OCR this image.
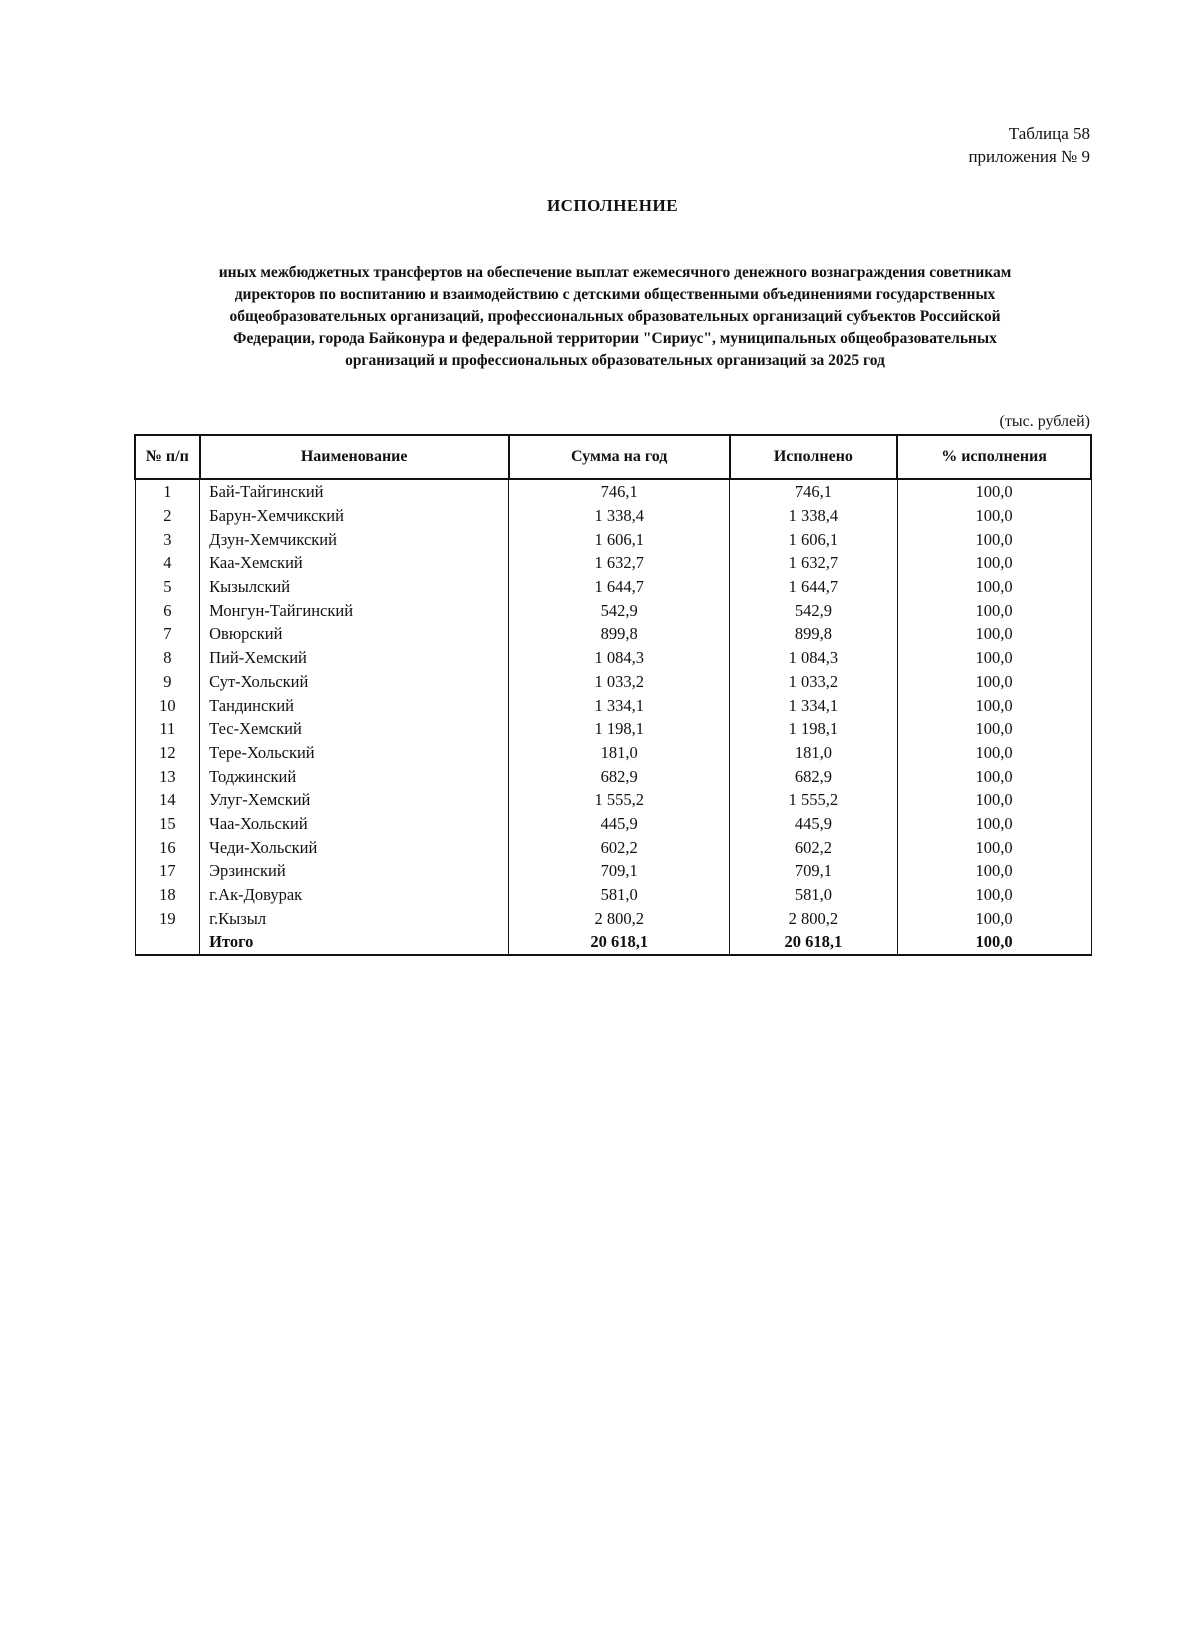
Таблица 58
приложения № 9
ИСПОЛНЕНИЕ
иных межбюджетных трансфертов на обеспечение выплат ежемесячного денежного вознаграждения советникам
директоров по воспитанию и взаимодействию с детскими общественными объединениями государственных
общеобразовательных организаций, профессиональных образовательных организаций субъектов Российской
Федерации, города Байконура и федеральной территории "Сириус", муниципальных общеобразовательных
организаций и профессиональных образовательных организаций за 2025 год
(тыс. рублей)
№ п/п	Наименование	Сумма на год	Исполнено	% исполнения
1	Бай-Тайгинский	746,1	746,1	100,0
2	Барун-Хемчикский	1 338,4	1 338,4	100,0
3	Дзун-Хемчикский	1 606,1	1 606,1	100,0
4	Каа-Хемский	1 632,7	1 632,7	100,0
5	Кызылский	1 644,7	1 644,7	100,0
6	Монгун-Тайгинский	542,9	542,9	100,0
7	Овюрский	899,8	899,8	100,0
8	Пий-Хемский	1 084,3	1 084,3	100,0
9	Сут-Хольский	1 033,2	1 033,2	100,0
10	Тандинский	1 334,1	1 334,1	100,0
11	Тес-Хемский	1 198,1	1 198,1	100,0
12	Тере-Хольский	181,0	181,0	100,0
13	Тоджинский	682,9	682,9	100,0
14	Улуг-Хемский	1 555,2	1 555,2	100,0
15	Чаа-Хольский	445,9	445,9	100,0
16	Чеди-Хольский	602,2	602,2	100,0
17	Эрзинский	709,1	709,1	100,0
18	г.Ак-Довурак	581,0	581,0	100,0
19	г.Кызыл	2 800,2	2 800,2	100,0
	Итого	20 618,1	20 618,1	100,0
